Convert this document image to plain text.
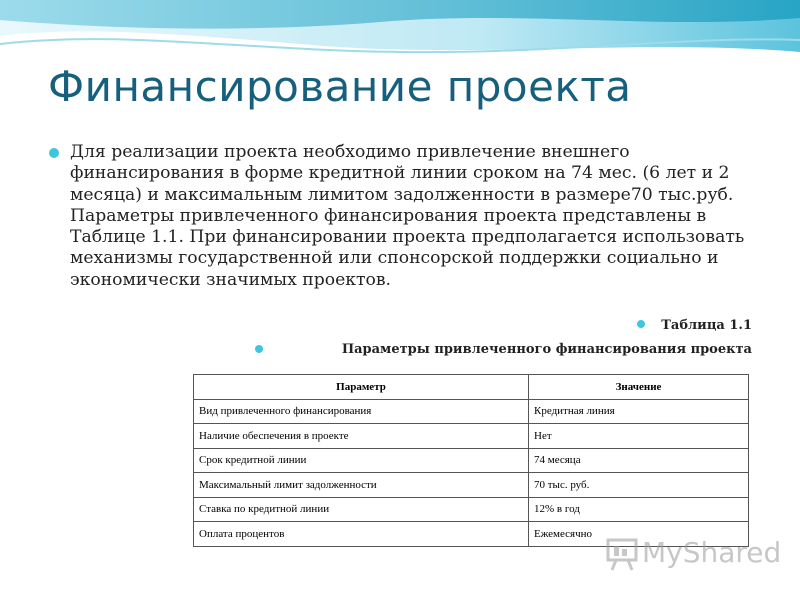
Финансирование проекта

Для реализации проекта необходимо привлечение внешнего финансирования в форме кредитной линии сроком на 74 мес. (6 лет и 2 месяца) и максимальным лимитом задолженности в размере70 тыс.руб. Параметры привлеченного финансирования проекта представлены в Таблице 1.1. При финансировании проекта предполагается использовать механизмы государственной или спонсорской поддержки социально и экономически значимых проектов.

Таблица 1.1

Параметры привлеченного финансирования проекта

Параметр	Значение
Вид привлеченного финансирования	Кредитная линия
Наличие обеспечения в проекте	Нет
Срок кредитной линии	74 месяца
Максимальный лимит задолженности	70 тыс. руб.
Ставка по кредитной линии	12% в год
Оплата процентов	Ежемесячно

MyShared
